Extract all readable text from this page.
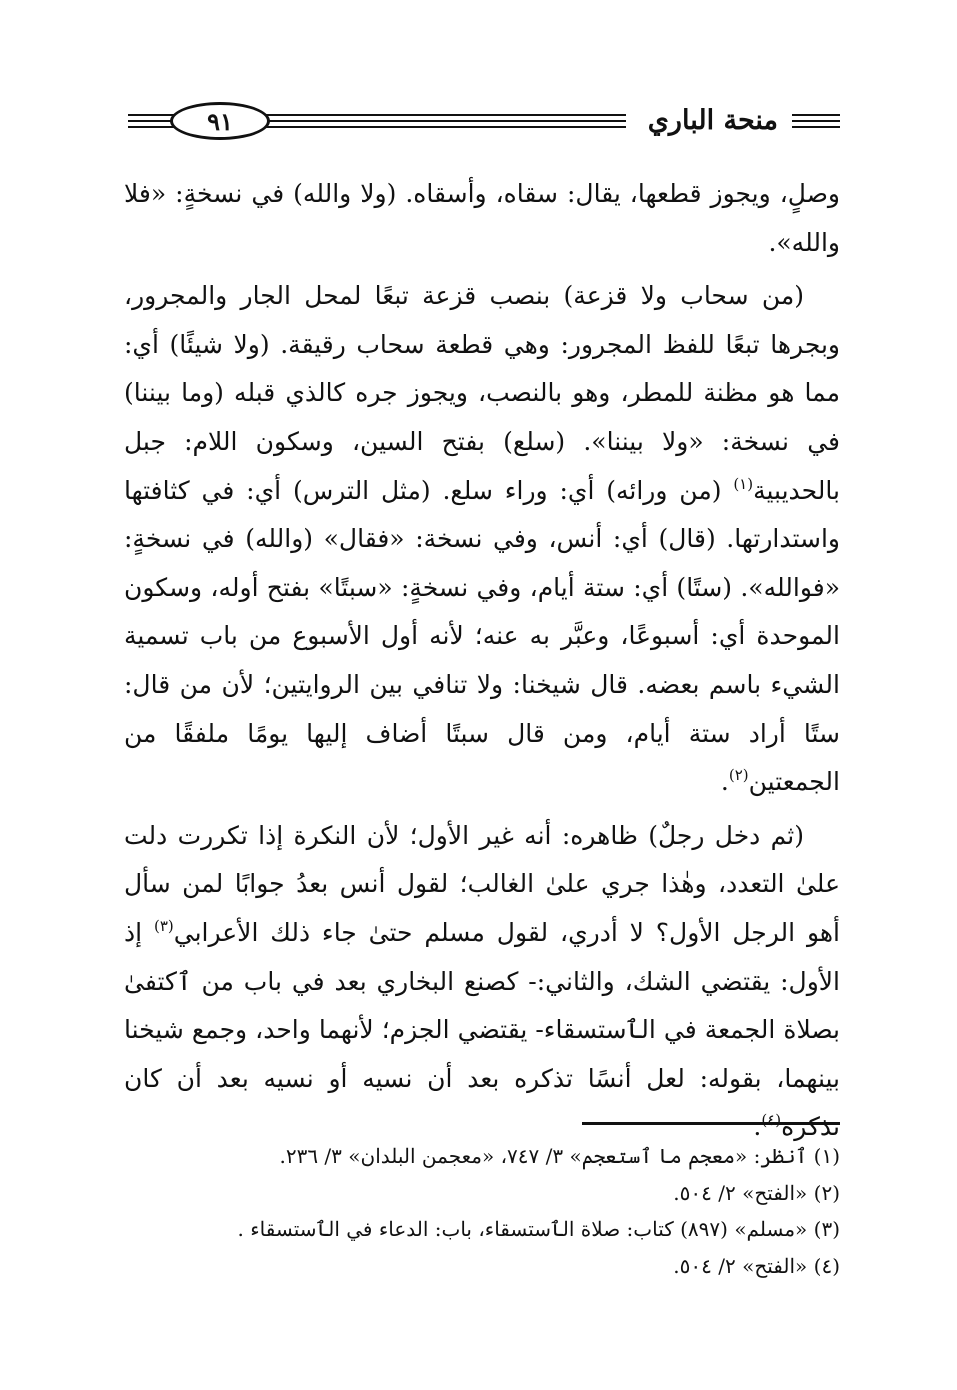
٩١	منحة الباري

وصلٍ، ويجوز قطعها، يقال: سقاه، وأسقاه. (ولا والله) في نسخةٍ: «فلا والله».

(من سحاب ولا قزعة) بنصب قزعة تبعًا لمحل الجار والمجرور، وبجرها تبعًا للفظ المجرور: وهي قطعة سحاب رقيقة. (ولا شيئًا) أي: مما هو مظنة للمطر، وهو بالنصب، ويجوز جره كالذي قبله (وما بيننا) في نسخة: «ولا بيننا». (سلع) بفتح السين، وسكون اللام: جبل بالحديبية$^{(١)}$ (من ورائه) أي: وراء سلع. (مثل الترس) أي: في كثافتها واستدارتها. (قال) أي: أنس، وفي نسخة: «فقال» (والله) في نسخةٍ: «فوالله». (ستًا) أي: ستة أيام، وفي نسخةٍ: «سبتًا» بفتح أوله، وسكون الموحدة أي: أسبوعًا، وعبَّر به عنه؛ لأنه أول الأسبوع من باب تسمية الشيء باسم بعضه. قال شيخنا: ولا تنافي بين الروايتين؛ لأن من قال: ستًا أراد ستة أيام، ومن قال سبتًا أضاف إليها يومًا ملفقًا من الجمعتين$^{(٢)}$.

(ثم دخل رجلٌ) ظاهره: أنه غير الأول؛ لأن النكرة إذا تكررت دلت علىٰ التعدد، وهٰذا جري علىٰ الغالب؛ لقول أنس بعدُ جوابًا لمن سأل أهو الرجل الأول؟ لا أدري، لقول مسلم حتىٰ جاء ذلك الأعرابي$^{(٣)}$ إذ الأول: يقتضي الشك، والثاني:- كصنع البخاري بعد في باب من ٱكتفىٰ بصلاة الجمعة في الٱستسقاء- يقتضي الجزم؛ لأنهما واحد، وجمع شيخنا بينهما، بقوله: لعل أنسًا تذكره بعد أن نسيه أو نسيه بعد أن كان تذكره$^{(٤)}$.

(١) ٱنظر: «معجم ما ٱستعجم» ٣/ ٧٤٧، «معجمن البلدان» ٣/ ٢٣٦.

(٢) «الفتح» ٢/ ٥٠٤.

(٣) «مسلم» (٨٩٧) كتاب: صلاة الٱستسقاء، باب: الدعاء في الٱستسقاء .

(٤) «الفتح» ٢/ ٥٠٤.
